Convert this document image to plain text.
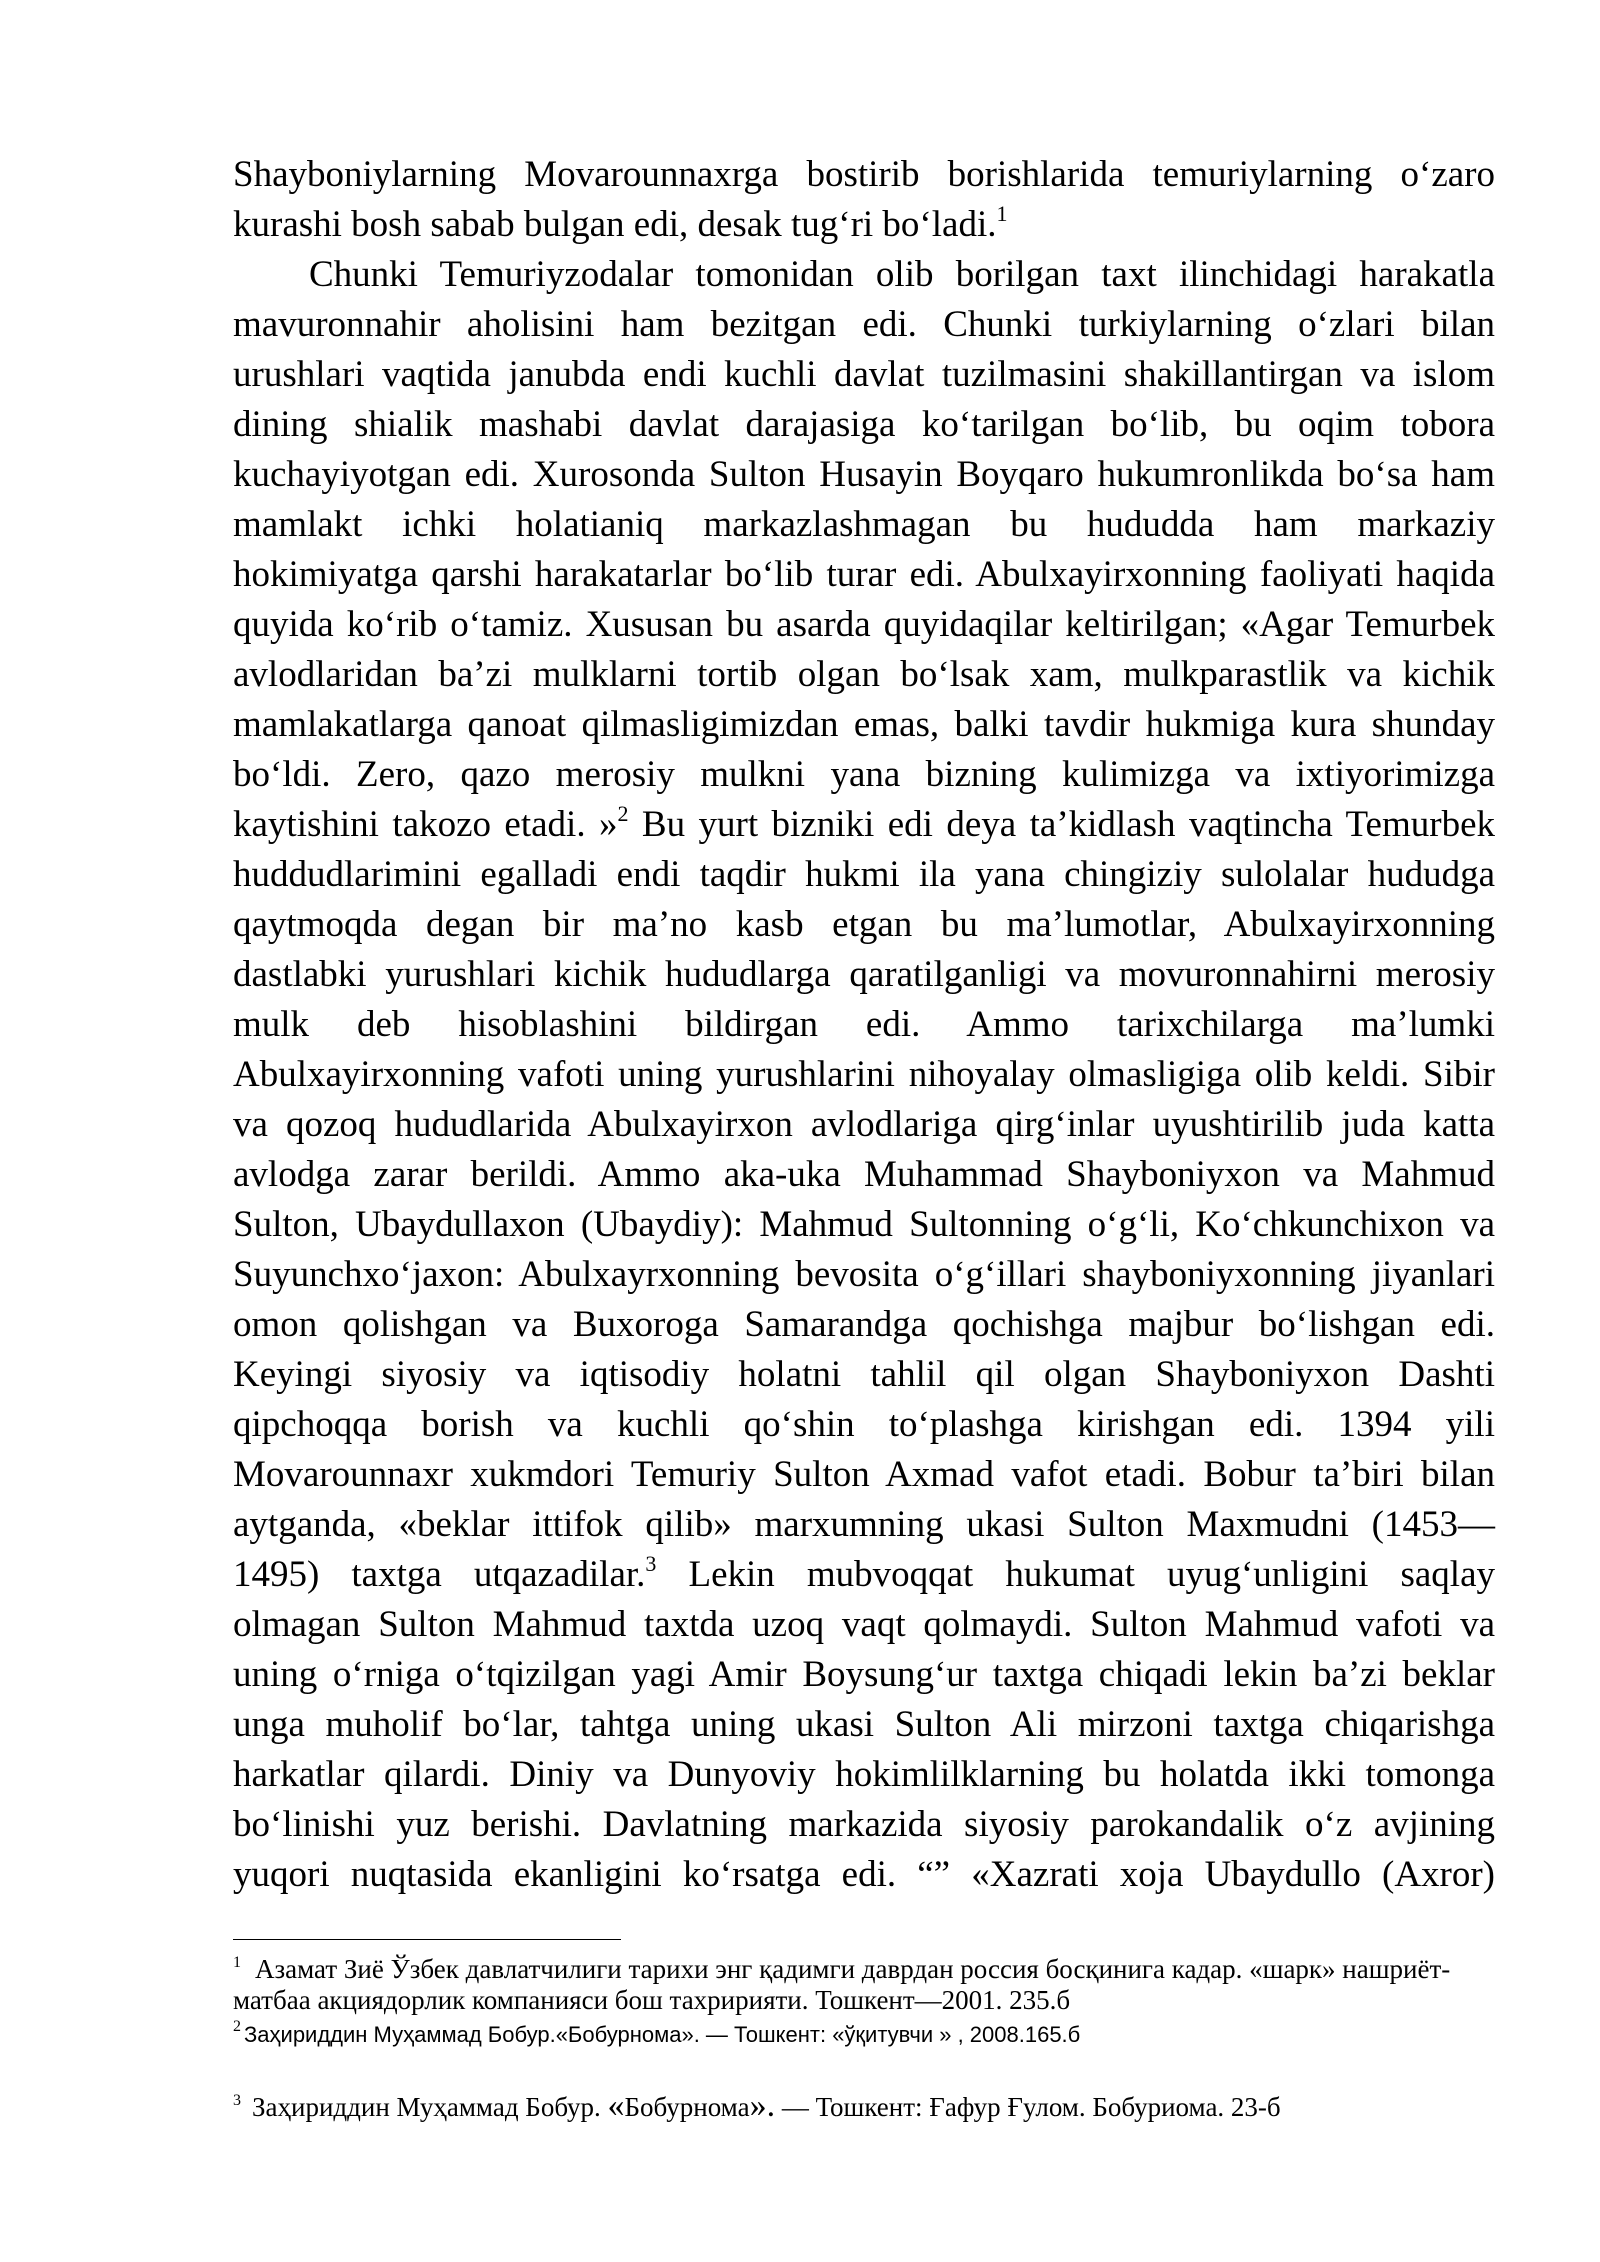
Shayboniylarning Movarounnaxrga bostirib borishlarida temuriylarning o‘zaro
kurashi bosh sabab bulgan edi, desak tug‘ri bo‘ladi.$^1$
Chunki Temuriyzodalar tomonidan olib borilgan taxt ilinchidagi harakatla
mavuronnahir aholisini ham bezitgan edi. Chunki turkiylarning o‘zlari bilan
urushlari vaqtida janubda endi kuchli davlat tuzilmasini shakillantirgan va islom
dining shialik mashabi davlat darajasiga ko‘tarilgan bo‘lib, bu oqim tobora
kuchayiyotgan edi. Xurosonda Sulton Husayin Boyqaro hukumronlikda bo‘sa ham
mamlakt ichki holatianiq markazlashmagan bu hududda ham markaziy
hokimiyatga qarshi harakatarlar bo‘lib turar edi. Abulxayirxonning faoliyati haqida
quyida ko‘rib o‘tamiz. Xususan bu asarda quyidaqilar keltirilgan; «Agar Temurbek
avlodlaridan ba’zi mulklarni tortib olgan bo‘lsak xam, mulkparastlik va kichik
mamlakatlarga qanoat qilmasligimizdan emas, balki tavdir hukmiga kura shunday
bo‘ldi. Zero, qazo merosiy mulkni yana bizning kulimizga va ixtiyorimizga
kaytishini takozo etadi. »$^2$ Bu yurt bizniki edi deya ta’kidlash vaqtincha Temurbek
huddudlarimini egalladi endi taqdir hukmi ila yana chingiziy sulolalar hududga
qaytmoqda degan bir ma’no kasb etgan bu ma’lumotlar, Abulxayirxonning
dastlabki yurushlari kichik hududlarga qaratilganligi va movuronnahirni merosiy
mulk deb hisoblashini bildirgan edi. Ammo tarixchilarga ma’lumki
Abulxayirxonning vafoti uning yurushlarini nihoyalay olmasligiga olib keldi. Sibir
va qozoq hududlarida Abulxayirxon avlodlariga qirg‘inlar uyushtirilib juda katta
avlodga zarar berildi. Ammo aka-uka Muhammad Shayboniyxon va Mahmud
Sulton, Ubaydullaxon (Ubaydiy): Mahmud Sultonning o‘g‘li, Ko‘chkunchixon va
Suyunchxo‘jaxon: Abulxayrxonning bevosita o‘g‘illari shayboniyxonning jiyanlari
omon qolishgan va Buxoroga Samarandga qochishga majbur bo‘lishgan edi.
Keyingi siyosiy va iqtisodiy holatni tahlil qil olgan Shayboniyxon Dashti
qipchoqqa borish va kuchli qo‘shin to‘plashga kirishgan edi. 1394 yili
Movarounnaxr xukmdori Temuriy Sulton Axmad vafot etadi. Bobur ta’biri bilan
aytganda, «beklar ittifok qilib» marxumning ukasi Sulton Maxmudni (1453—
1495) taxtga utqazadilar.$^3$ Lekin mubvoqqat hukumat uyug‘unligini saqlay
olmagan Sulton Mahmud taxtda uzoq vaqt qolmaydi. Sulton Mahmud vafoti va
uning o‘rniga o‘tqizilgan yagi Amir Boysung‘ur taxtga chiqadi lekin ba’zi beklar
unga muholif bo‘lar, tahtga uning ukasi Sulton Ali mirzoni taxtga chiqarishga
harkatlar qilardi. Diniy va Dunyoviy hokimlilklarning bu holatda ikki tomonga
bo‘linishi yuz berishi. Davlatning markazida siyosiy parokandalik o‘z avjining
yuqori nuqtasida ekanligini ko‘rsatga edi. “” «Xazrati xoja Ubaydullo (Axror)
1 Азамат Зиё Ўзбек давлатчилиги тарихи энг қадимги даврдан россия босқинига кадар. «шарк» нашриёт-
матбаа акциядорлик компанияси бош тахририяти. Тошкент—2001. 235.б
2 Заҳириддин Муҳаммад Бобур.«Бобурнома». — Тошкент: «ўқитувчи » , 2008.165.б
3 Заҳириддин Муҳаммад Бобур. «Бобурнома». — Тошкент: Ғафур Ғулом. Бобуриома. 23-б
